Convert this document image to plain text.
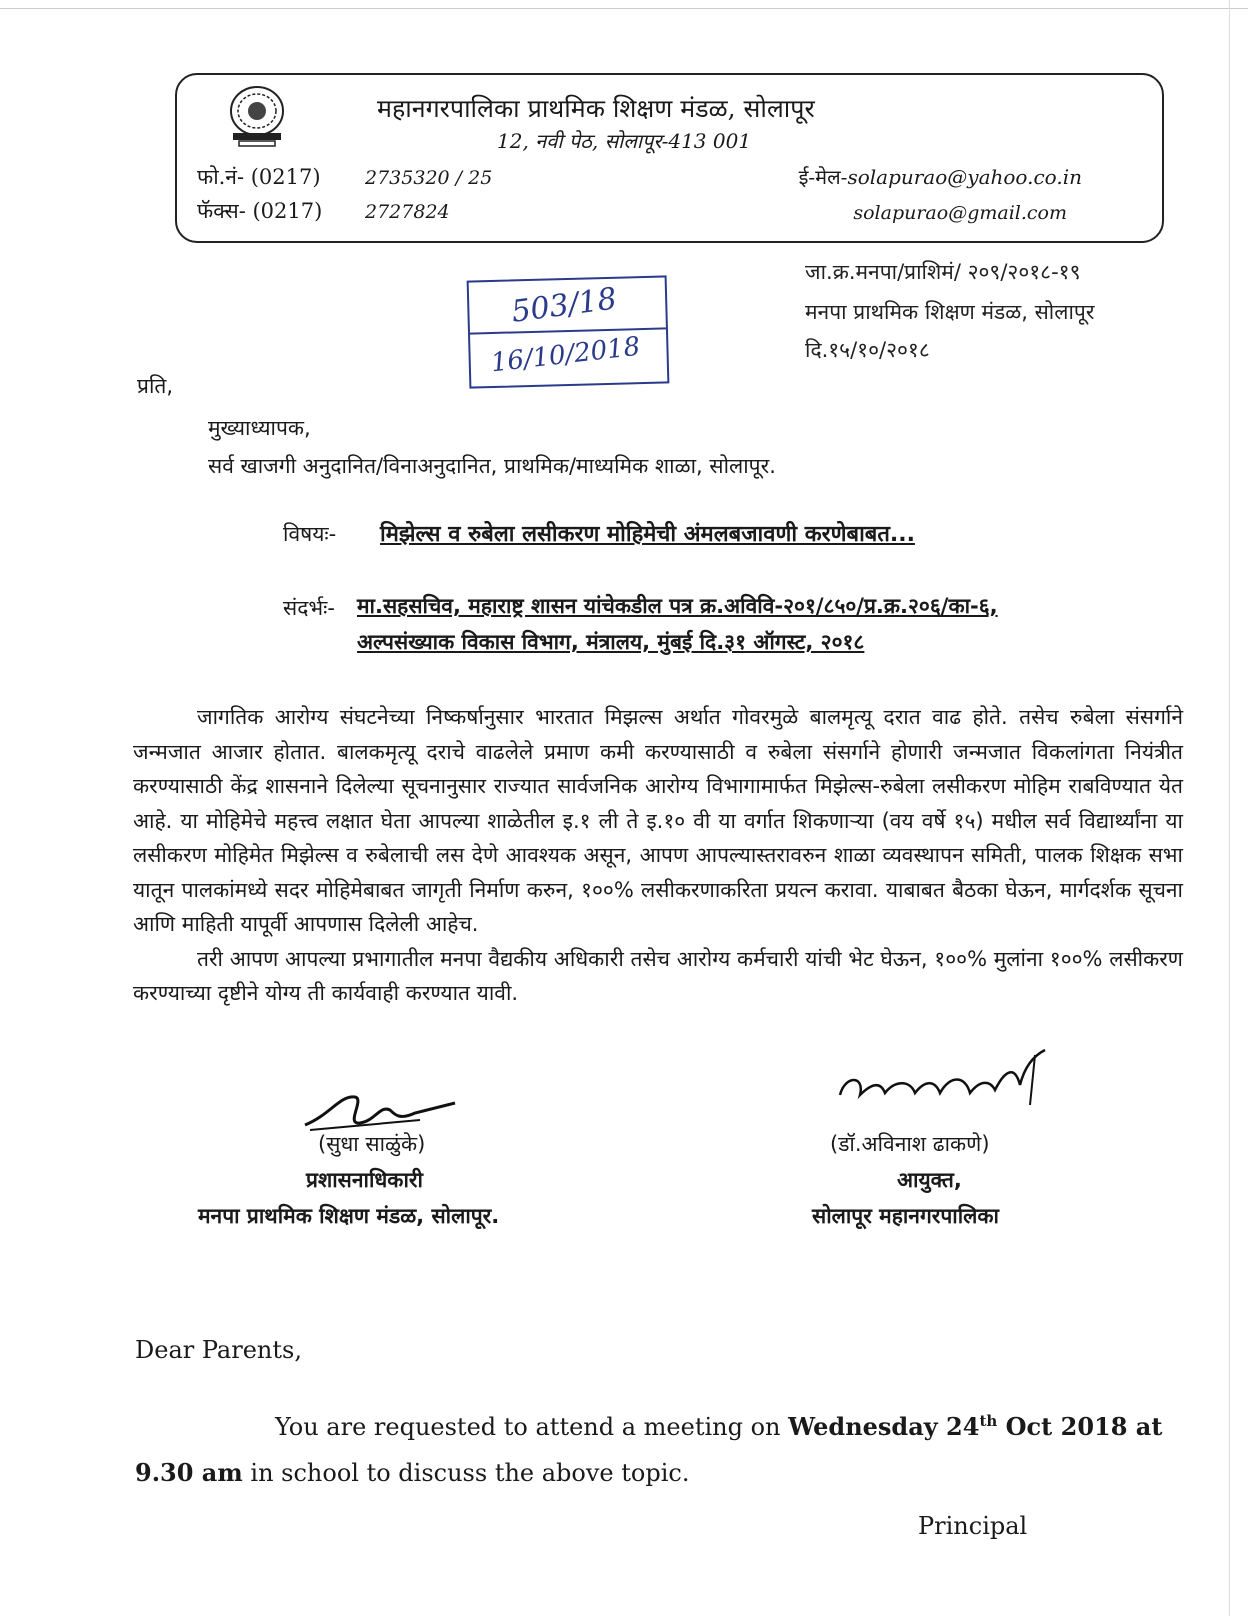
महानगरपालिका प्राथमिक शिक्षण मंडळ, सोलापूर
12, नवी पेठ, सोलापूर-413 001
फो.नं- (0217) 2735320 / 25
फॅक्स- (0217) 2727824
ई-मेल-solapurao@yahoo.co.in
solapurao@gmail.com
जा.क्र.मनपा/प्राशिमं/ २०९/२०१८-१९
मनपा प्राथमिक शिक्षण मंडळ, सोलापूर
दि.१५/१०/२०१८
503/18
16/10/2018
प्रति,
मुख्याध्यापक,
सर्व खाजगी अनुदानित/विनाअनुदानित, प्राथमिक/माध्यमिक शाळा, सोलापूर.
विषयः- मिझेल्स व रुबेला लसीकरण मोहिमेची अंमलबजावणी करणेबाबत...
संदर्भः- मा.सहसचिव, महाराष्ट्र शासन यांचेकडील पत्र क्र.अविवि-२०१/८५०/प्र.क्र.२०६/का-६,
अल्पसंख्याक विकास विभाग, मंत्रालय, मुंबई दि.३१ ऑगस्ट, २०१८

जागतिक आरोग्य संघटनेच्या निष्कर्षानुसार भारतात मिझल्स अर्थात गोवरमुळे बालमृत्यू दरात वाढ होते. तसेच रुबेला संसर्गाने जन्मजात आजार होतात. बालकमृत्यू दराचे वाढलेले प्रमाण कमी करण्यासाठी व रुबेला संसर्गाने होणारी जन्मजात विकलांगता नियंत्रीत करण्यासाठी केंद्र शासनाने दिलेल्या सूचनानुसार राज्यात सार्वजनिक आरोग्य विभागामार्फत मिझेल्स-रुबेला लसीकरण मोहिम राबविण्यात येत आहे. या मोहिमेचे महत्त्व लक्षात घेता आपल्या शाळेतील इ.१ ली ते इ.१० वी या वर्गात शिकणाऱ्या (वय वर्षे १५) मधील सर्व विद्यार्थ्यांना या लसीकरण मोहिमेत मिझेल्स व रुबेलाची लस देणे आवश्यक असून, आपण आपल्यास्तरावरुन शाळा व्यवस्थापन समिती, पालक शिक्षक सभा यातून पालकांमध्ये सदर मोहिमेबाबत जागृती निर्माण करुन, १००% लसीकरणाकरिता प्रयत्न करावा. याबाबत बैठका घेऊन, मार्गदर्शक सूचना आणि माहिती यापूर्वी आपणास दिलेली आहेच.

तरी आपण आपल्या प्रभागातील मनपा वैद्यकीय अधिकारी तसेच आरोग्य कर्मचारी यांची भेट घेऊन, १००% मुलांना १००% लसीकरण करण्याच्या दृष्टीने योग्य ती कार्यवाही करण्यात यावी.

(सुधा साळुंके)
प्रशासनाधिकारी
मनपा प्राथमिक शिक्षण मंडळ, सोलापूर.
(डॉ.अविनाश ढाकणे)
आयुक्त,
सोलापूर महानगरपालिका
Dear Parents,
You are requested to attend a meeting on Wednesday 24th Oct 2018 at 9.30 am in school to discuss the above topic.
Principal
